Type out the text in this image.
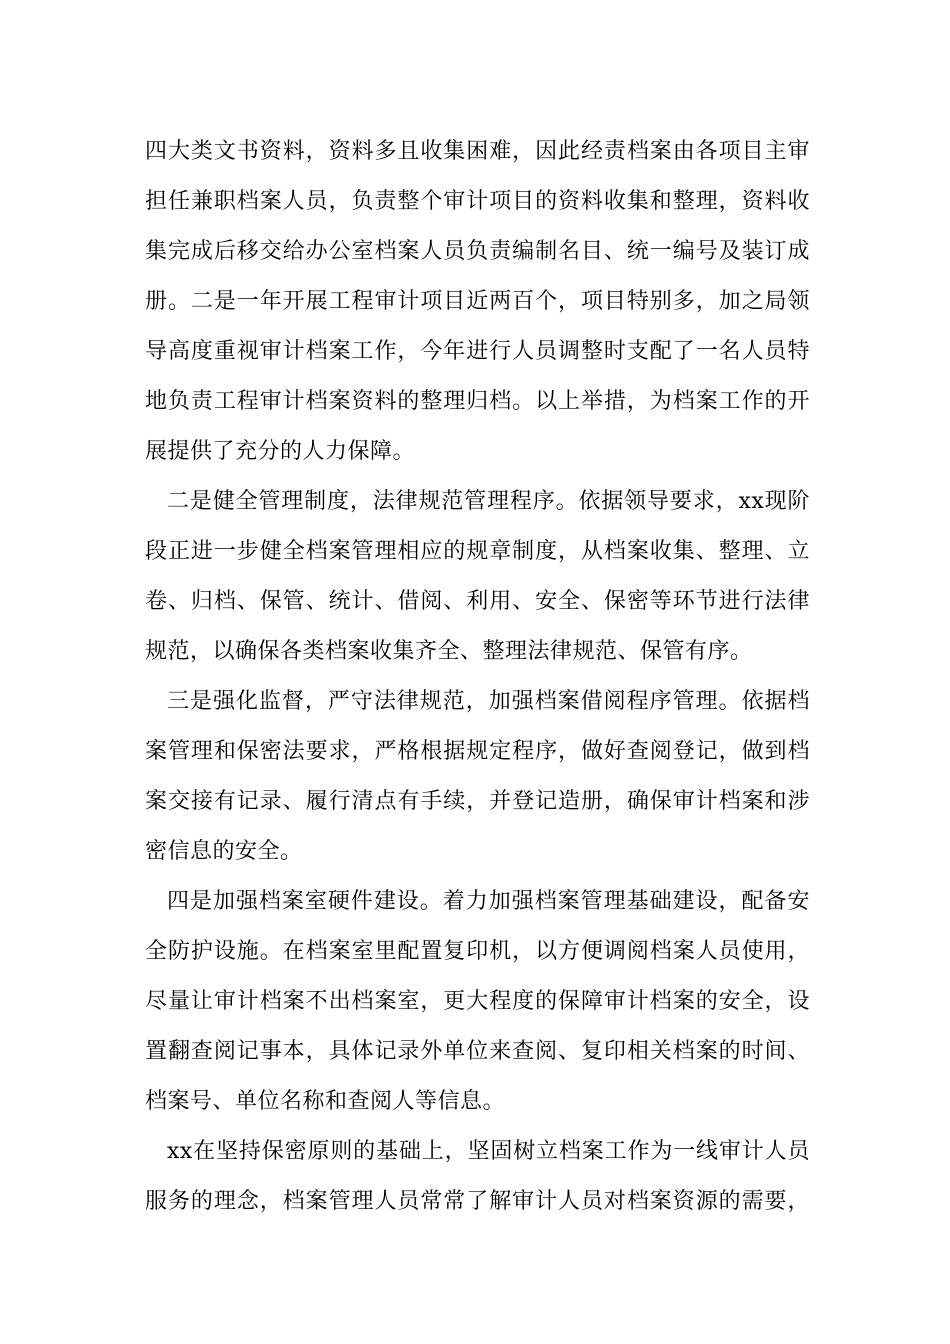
四大类文书资料，资料多且收集困难，因此经责档案由各项目主审
担任兼职档案人员，负责整个审计项目的资料收集和整理，资料收
集完成后移交给办公室档案人员负责编制名目、统一编号及装订成
册。二是一年开展工程审计项目近两百个，项目特别多，加之局领
导高度重视审计档案工作，今年进行人员调整时支配了一名人员特
地负责工程审计档案资料的整理归档。以上举措，为档案工作的开
展提供了充分的人力保障。
二是健全管理制度，法律规范管理程序。依据领导要求，xx现阶
段正进一步健全档案管理相应的规章制度，从档案收集、整理、立
卷、归档、保管、统计、借阅、利用、安全、保密等环节进行法律
规范，以确保各类档案收集齐全、整理法律规范、保管有序。
三是强化监督，严守法律规范，加强档案借阅程序管理。依据档
案管理和保密法要求，严格根据规定程序，做好查阅登记，做到档
案交接有记录、履行清点有手续，并登记造册，确保审计档案和涉
密信息的安全。
四是加强档案室硬件建设。着力加强档案管理基础建设，配备安
全防护设施。在档案室里配置复印机，以方便调阅档案人员使用，
尽量让审计档案不出档案室，更大程度的保障审计档案的安全，设
置翻查阅记事本，具体记录外单位来查阅、复印相关档案的时间、
档案号、单位名称和查阅人等信息。
xx在坚持保密原则的基础上，坚固树立档案工作为一线审计人员
服务的理念，档案管理人员常常了解审计人员对档案资源的需要，
